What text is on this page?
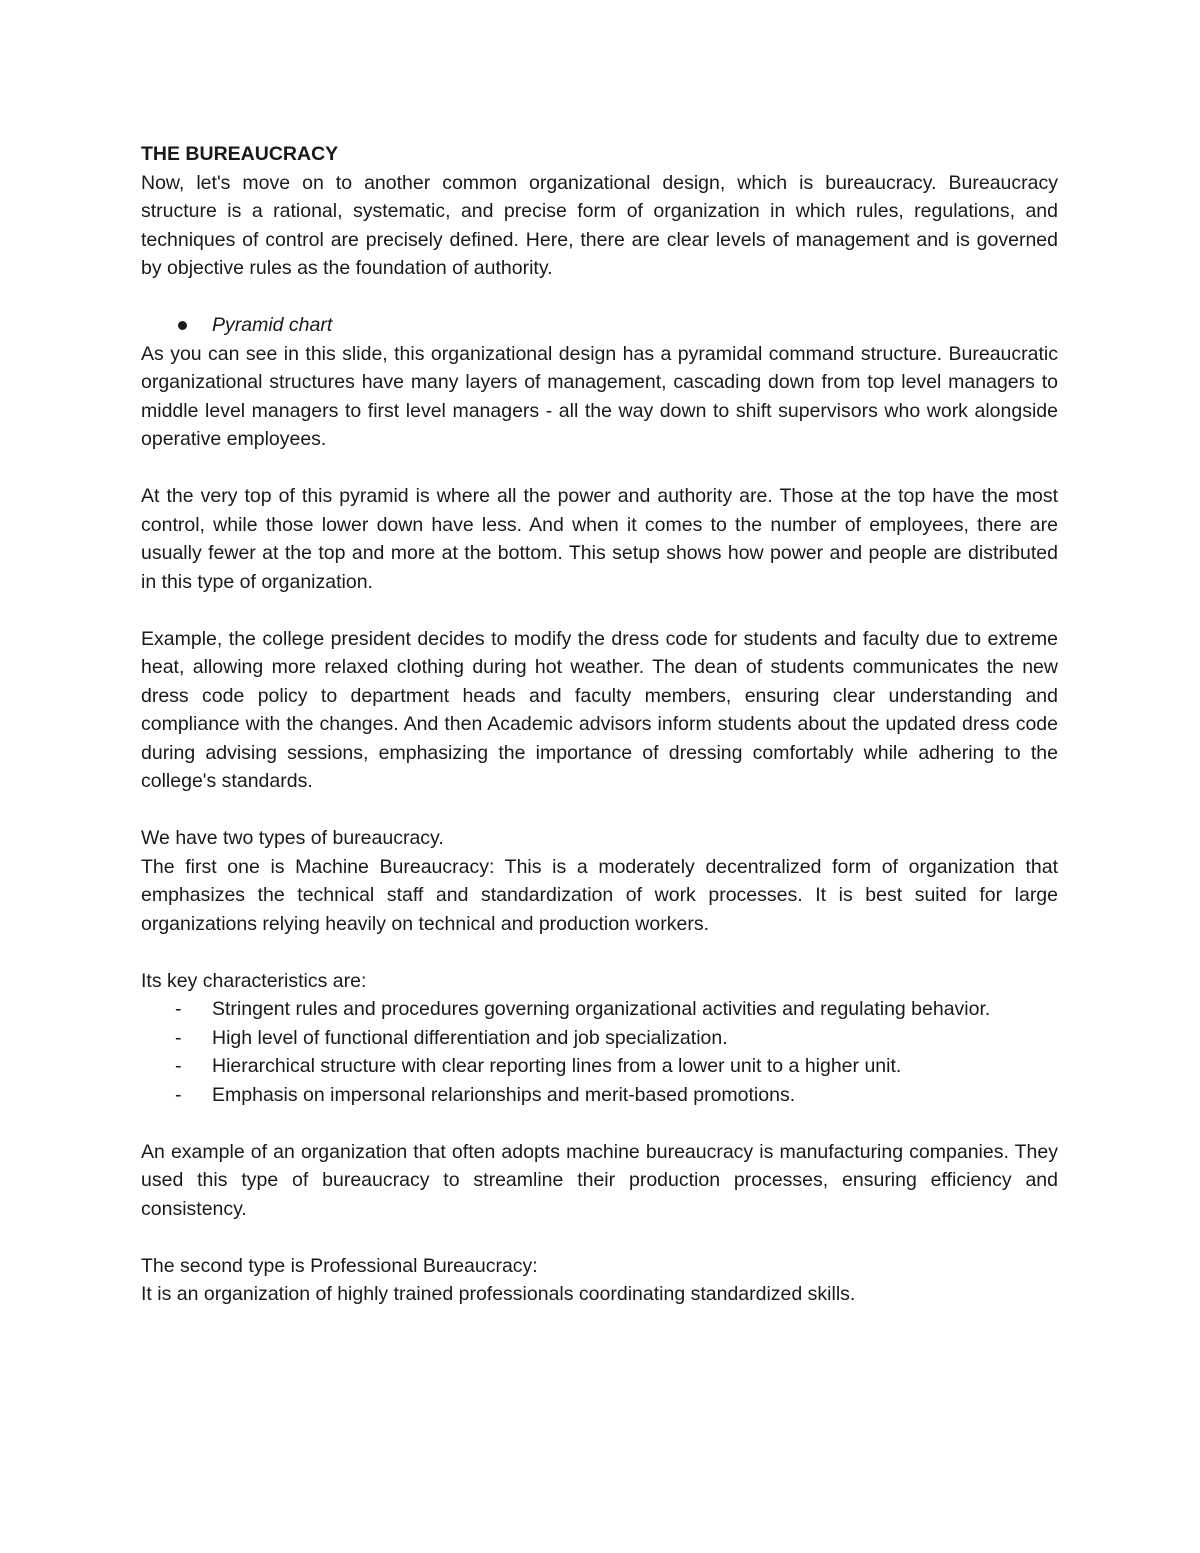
THE BUREAUCRACY

Now, let's move on to another common organizational design, which is bureaucracy. Bureaucracy structure is a rational, systematic, and precise form of organization in which rules, regulations, and techniques of control are precisely defined. Here, there are clear levels of management and is governed by objective rules as the foundation of authority.

Pyramid chart

As you can see in this slide, this organizational design has a pyramidal command structure. Bureaucratic organizational structures have many layers of management, cascading down from top level managers to middle level managers to first level managers - all the way down to shift supervisors who work alongside operative employees.

At the very top of this pyramid is where all the power and authority are. Those at the top have the most control, while those lower down have less. And when it comes to the number of employees, there are usually fewer at the top and more at the bottom. This setup shows how power and people are distributed in this type of organization.

Example, the college president decides to modify the dress code for students and faculty due to extreme heat, allowing more relaxed clothing during hot weather. The dean of students communicates the new dress code policy to department heads and faculty members, ensuring clear understanding and compliance with the changes. And then Academic advisors inform students about the updated dress code during advising sessions, emphasizing the importance of dressing comfortably while adhering to the college's standards.

We have two types of bureaucracy.

The first one is Machine Bureaucracy: This is a moderately decentralized form of organization that emphasizes the technical staff and standardization of work processes. It is best suited for large organizations relying heavily on technical and production workers.

Its key characteristics are:

- Stringent rules and procedures governing organizational activities and regulating behavior.
- High level of functional differentiation and job specialization.
- Hierarchical structure with clear reporting lines from a lower unit to a higher unit.
- Emphasis on impersonal relarionships and merit-based promotions.

An example of an organization that often adopts machine bureaucracy is manufacturing companies. They used this type of bureaucracy to streamline their production processes, ensuring efficiency and consistency.

The second type is Professional Bureaucracy:

It is an organization of highly trained professionals coordinating standardized skills.
